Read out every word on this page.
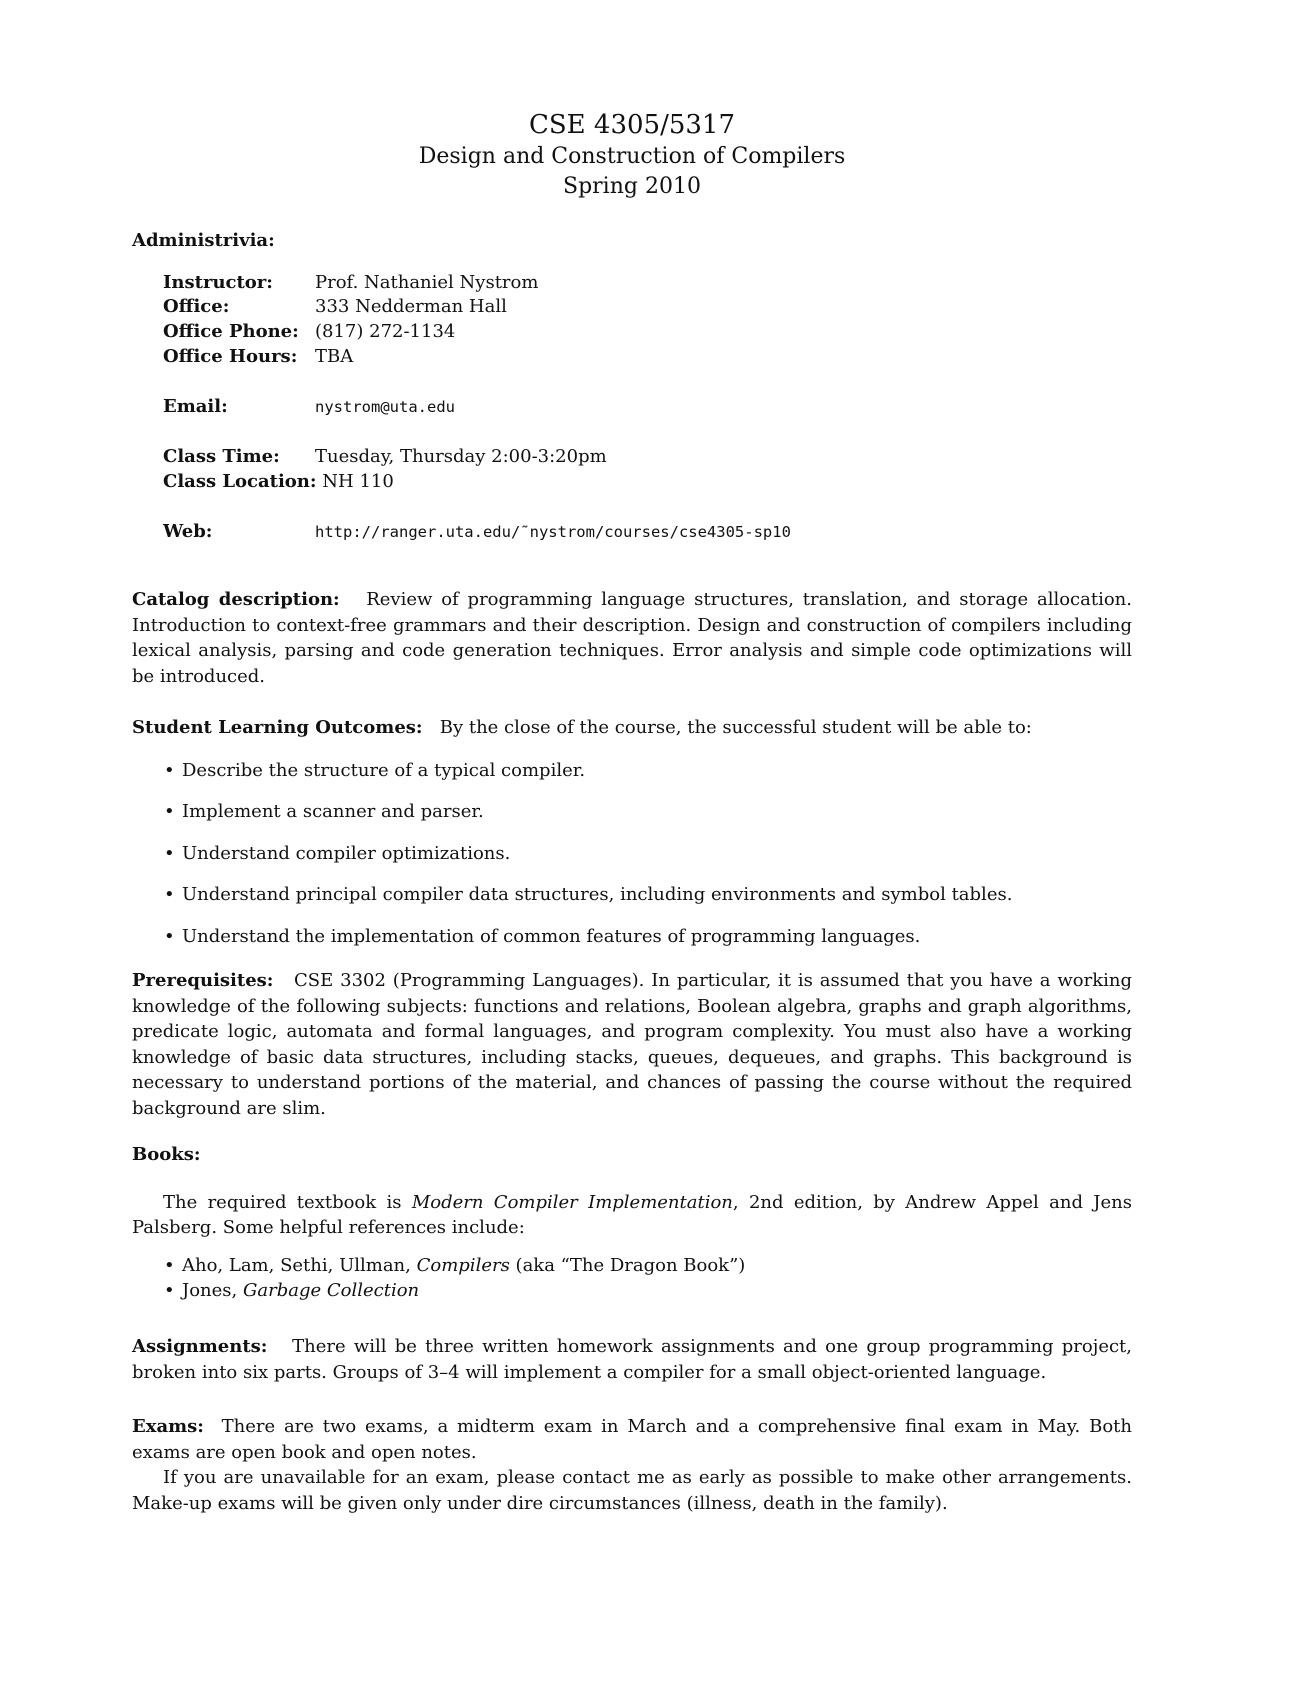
CSE 4305/5317
Design and Construction of Compilers
Spring 2010
Administrivia:
Instructor: Prof. Nathaniel Nystrom
Office:	333 Nedderman Hall
Office Phone: (817) 272-1134
Office Hours: TBA
Email:	nystrom@uta.edu
Class Time: Tuesday, Thursday 2:00-3:20pm
Class Location: NH 110
Web:	http://ranger.uta.edu/˜nystrom/courses/cse4305-sp10
Catalog description: Review of programming language structures, translation, and storage allocation. Introduction to context-free grammars and their description. Design and construction of compilers including lexical analysis, parsing and code generation techniques. Error analysis and simple code optimizations will be introduced.
Student Learning Outcomes: By the close of the course, the successful student will be able to:
• Describe the structure of a typical compiler.
• Implement a scanner and parser.
• Understand compiler optimizations.
• Understand principal compiler data structures, including environments and symbol tables.
• Understand the implementation of common features of programming languages.
Prerequisites: CSE 3302 (Programming Languages). In particular, it is assumed that you have a working knowledge of the following subjects: functions and relations, Boolean algebra, graphs and graph algorithms, predicate logic, automata and formal languages, and program complexity. You must also have a working knowledge of basic data structures, including stacks, queues, dequeues, and graphs. This background is necessary to understand portions of the material, and chances of passing the course without the required background are slim.
Books:
The required textbook is Modern Compiler Implementation, 2nd edition, by Andrew Appel and Jens Palsberg. Some helpful references include:
• Aho, Lam, Sethi, Ullman, Compilers (aka “The Dragon Book”)
• Jones, Garbage Collection
Assignments: There will be three written homework assignments and one group programming project, broken into six parts. Groups of 3–4 will implement a compiler for a small object-oriented language.
Exams: There are two exams, a midterm exam in March and a comprehensive final exam in May. Both exams are open book and open notes.
If you are unavailable for an exam, please contact me as early as possible to make other arrangements. Make-up exams will be given only under dire circumstances (illness, death in the family).
